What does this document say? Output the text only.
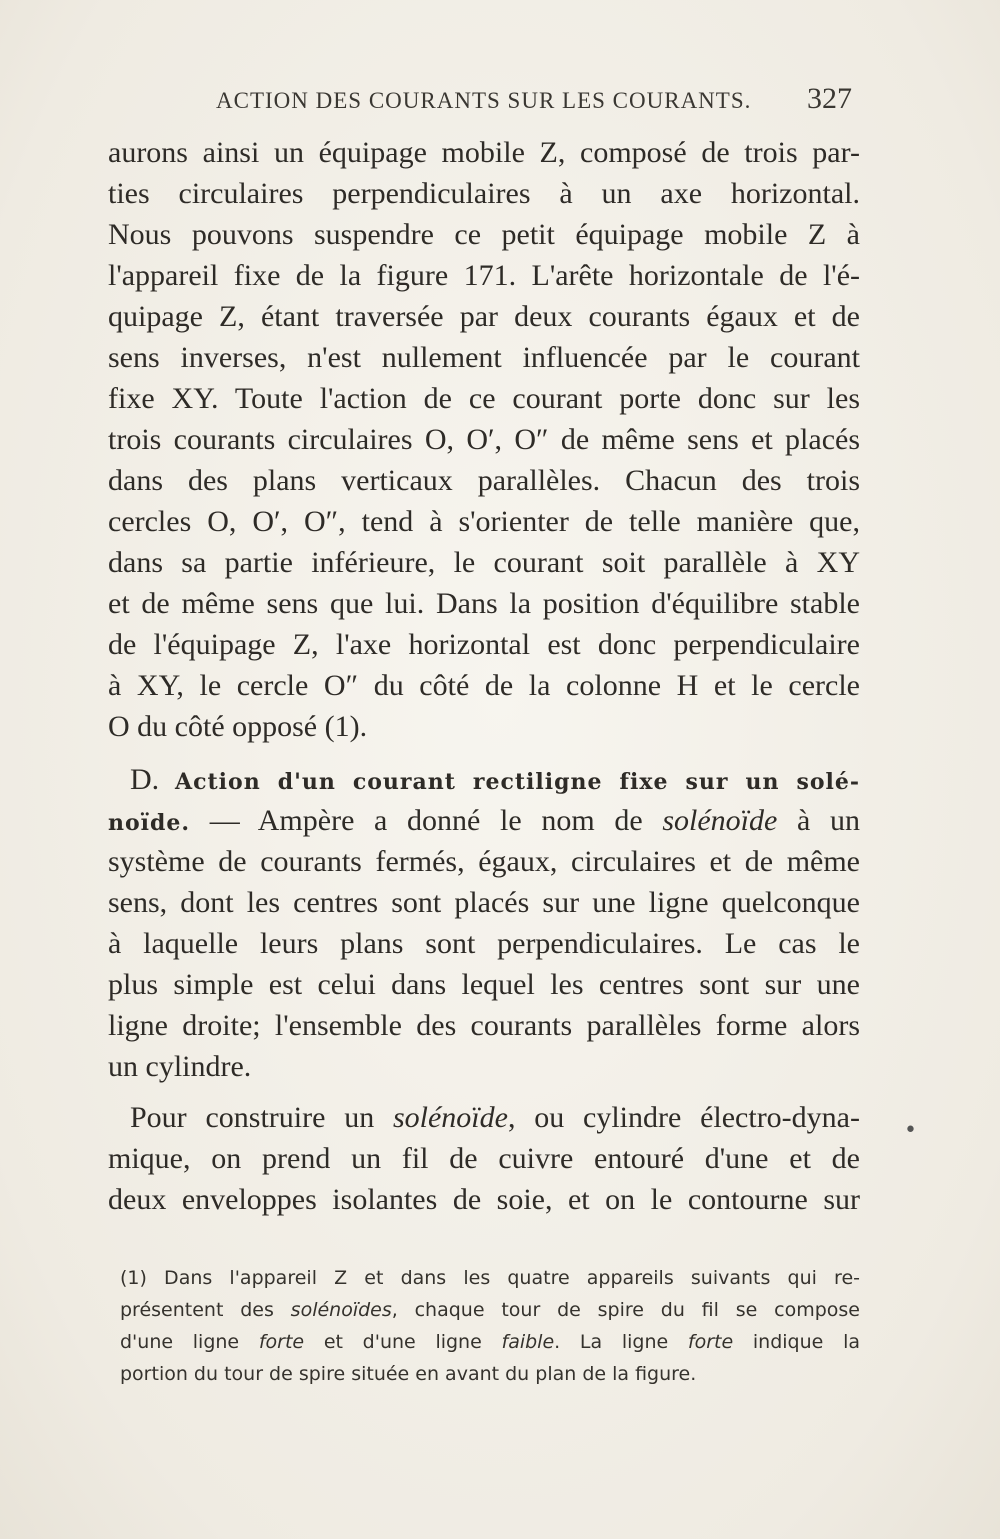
ACTION DES COURANTS SUR LES COURANTS. 327
aurons ainsi un équipage mobile Z, composé de trois par-
ties circulaires perpendiculaires à un axe horizontal.
Nous pouvons suspendre ce petit équipage mobile Z à
l'appareil fixe de la figure 171. L'arête horizontale de l'é-
quipage Z, étant traversée par deux courants égaux et de
sens inverses, n'est nullement influencée par le courant
fixe XY. Toute l'action de ce courant porte donc sur les
trois courants circulaires O, O′, O″ de même sens et placés
dans des plans verticaux parallèles. Chacun des trois
cercles O, O′, O″, tend à s'orienter de telle manière que,
dans sa partie inférieure, le courant soit parallèle à XY
et de même sens que lui. Dans la position d'équilibre stable
de l'équipage Z, l'axe horizontal est donc perpendiculaire
à XY, le cercle O″ du côté de la colonne H et le cercle
O du côté opposé (1).
D. Action d'un courant rectiligne fixe sur un solé-
noïde. — Ampère a donné le nom de solénoïde à un
système de courants fermés, égaux, circulaires et de même
sens, dont les centres sont placés sur une ligne quelconque
à laquelle leurs plans sont perpendiculaires. Le cas le
plus simple est celui dans lequel les centres sont sur une
ligne droite; l'ensemble des courants parallèles forme alors
un cylindre.
Pour construire un solénoïde, ou cylindre électro-dyna-
mique, on prend un fil de cuivre entouré d'une et de
deux enveloppes isolantes de soie, et on le contourne sur
•
(1) Dans l'appareil Z et dans les quatre appareils suivants qui re-
présentent des solénoïdes, chaque tour de spire du fil se compose
d'une ligne forte et d'une ligne faible. La ligne forte indique la
portion du tour de spire située en avant du plan de la figure.
